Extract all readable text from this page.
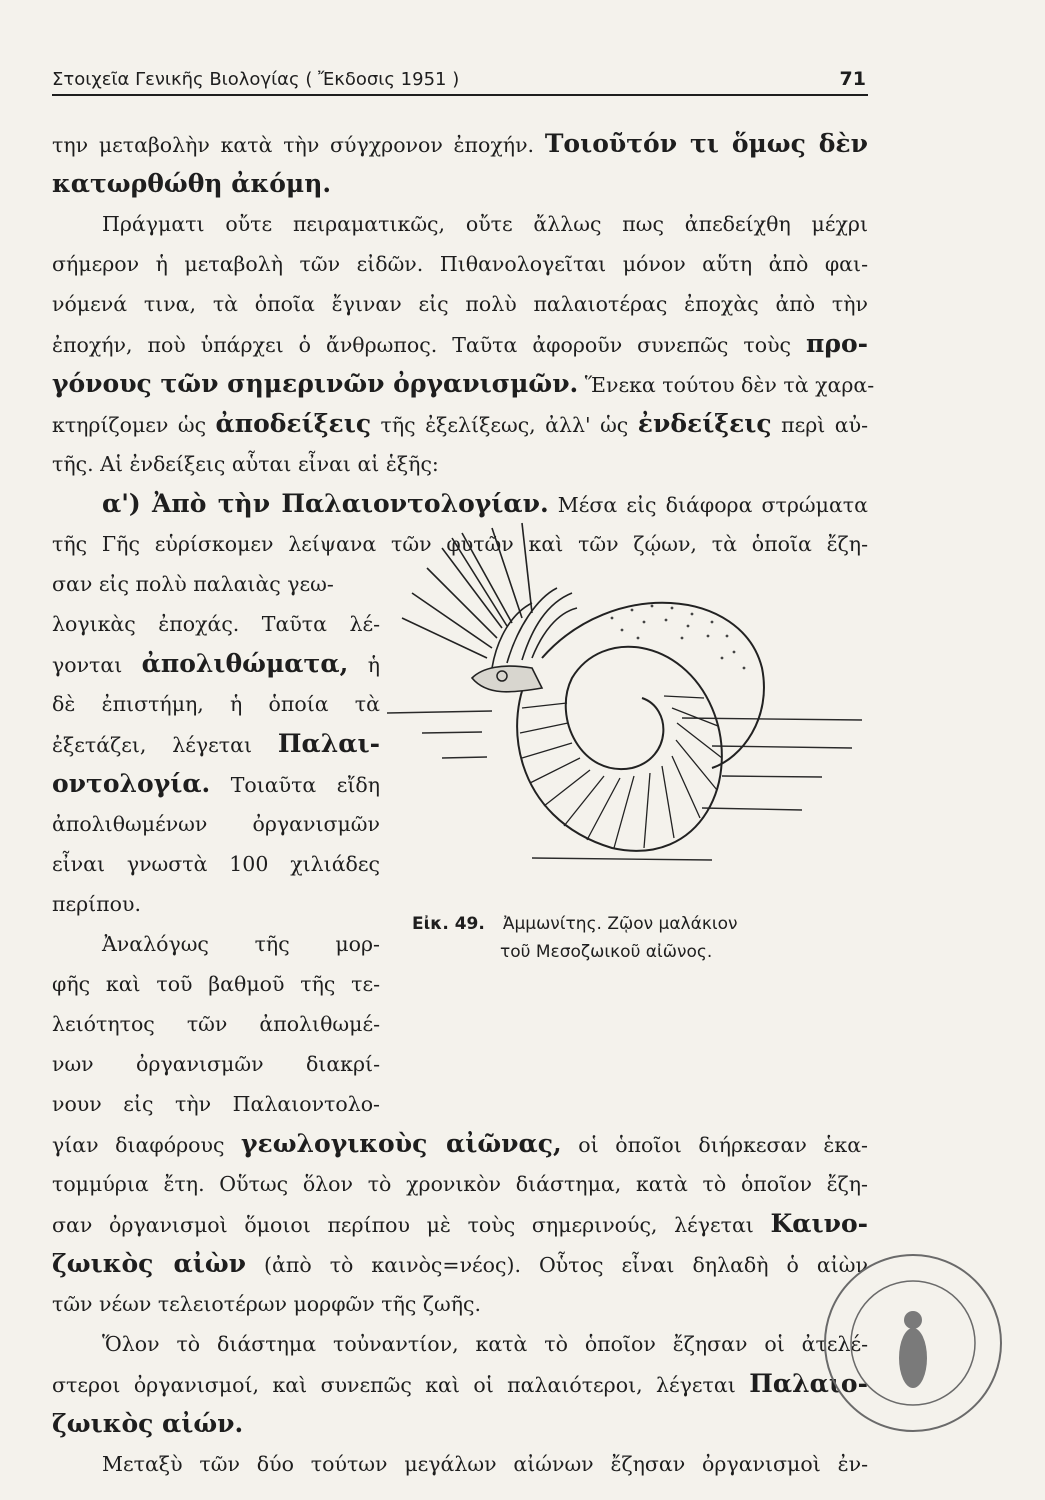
Στοιχεῖα Γενικῆς Βιολογίας ( Ἔκδοσις 1951 )	71
την μεταβολὴν κατὰ τὴν σύγχρονον ἐποχήν. Τοιοῦτόν τι ὅμως δὲν
κατωρθώθη ἀκόμη.
Πράγματι οὔτε πειραματικῶς, οὔτε ἄλλως πως ἀπεδείχθη μέχρι
σήμερον ἡ μεταβολὴ τῶν εἰδῶν. Πιθανολογεῖται μόνον αὕτη ἀπὸ φαι-
νόμενά τινα, τὰ ὁποῖα ἔγιναν εἰς πολὺ παλαιοτέρας ἐποχὰς ἀπὸ τὴν
ἐποχήν, ποὺ ὑπάρχει ὁ ἄνθρωπος. Ταῦτα ἀφοροῦν συνεπῶς τοὺς προ-
γόνους τῶν σημερινῶν ὀργανισμῶν. Ἕνεκα τούτου δὲν τὰ χαρα-
κτηρίζομεν ὡς ἀποδείξεις τῆς ἐξελίξεως, ἀλλ' ὡς ἐνδείξεις περὶ αὐ-
τῆς. Αἱ ἐνδείξεις αὗται εἶναι αἱ ἑξῆς:
α') Ἀπὸ τὴν Παλαιοντολογίαν. Μέσα εἰς διάφορα στρώματα
τῆς Γῆς εὑρίσκομεν λείψανα τῶν φυτῶν καὶ τῶν ζῴων, τὰ ὁποῖα ἔζη-
σαν εἰς πολὺ παλαιὰς γεω-
λογικὰς ἐποχάς. Ταῦτα λέ-
γονται ἀπολιθώματα, ἡ
δὲ ἐπιστήμη, ἡ ὁποία τὰ
ἐξετάζει, λέγεται Παλαι-
οντολογία. Τοιαῦτα εἴδη
ἀπολιθωμένων ὀργανισμῶν
εἶναι γνωστὰ 100 χιλιάδες
περίπου.
Ἀναλόγως τῆς μορ-
φῆς καὶ τοῦ βαθμοῦ τῆς τε-
λειότητος τῶν ἀπολιθωμέ-
νων ὀργανισμῶν διακρί-
νουν εἰς τὴν Παλαιοντολο-
γίαν διαφόρους γεωλογικοὺς αἰῶνας, οἱ ὁποῖοι διήρκεσαν ἑκα-
τομμύρια ἔτη. Οὕτως ὅλον τὸ χρονικὸν διάστημα, κατὰ τὸ ὁποῖον ἔζη-
σαν ὀργανισμοὶ ὅμοιοι περίπου μὲ τοὺς σημερινούς, λέγεται Καινο-
ζωικὸς αἰὼν (ἀπὸ τὸ καινὸς=νέος). Οὗτος εἶναι δηλαδὴ ὁ αἰὼν
τῶν νέων τελειοτέρων μορφῶν τῆς ζωῆς.
Ὅλον τὸ διάστημα τοὐναντίον, κατὰ τὸ ὁποῖον ἔζησαν οἱ ἀτελέ-
στεροι ὀργανισμοί, καὶ συνεπῶς καὶ οἱ παλαιότεροι, λέγεται Παλαιο-
ζωικὸς αἰών.
Μεταξὺ τῶν δύο τούτων μεγάλων αἰώνων ἔζησαν ὀργανισμοὶ ἐν-
Εἰκ. 49. Ἀμμωνίτης. Ζῷον μαλάκιον
τοῦ Μεσοζωικοῦ αἰῶνος.
